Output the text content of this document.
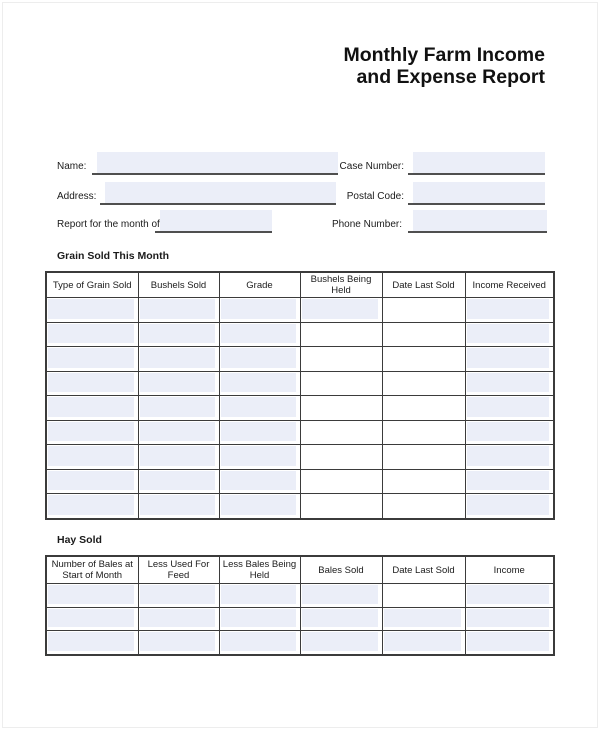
Monthly Farm Income
and Expense Report
Name:
Address:
Report for the month of
Case Number:
Postal Code:
Phone Number:
Grain Sold This Month
Type of Grain Sold	Bushels Sold	Grade	Bushels Being Held	Date Last Sold	Income Received

Hay Sold
Number of Bales at Start of Month	Less Used For Feed	Less Bales Being Held	Bales Sold	Date Last Sold	Income
